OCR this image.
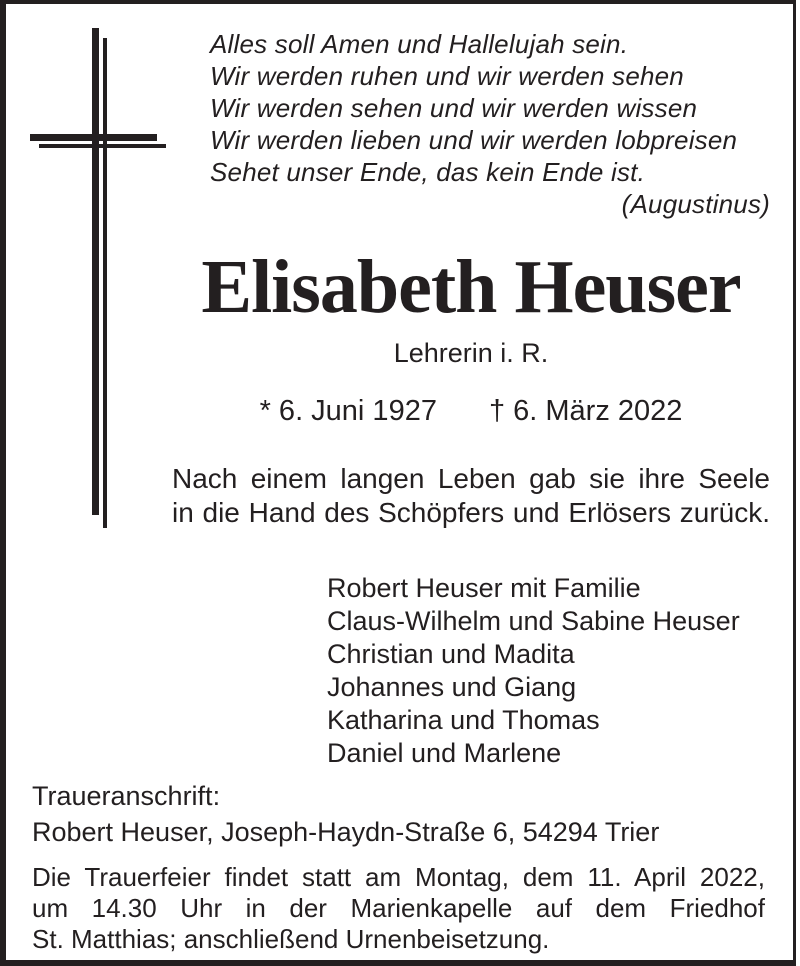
Alles soll Amen und Hallelujah sein.
Wir werden ruhen und wir werden sehen
Wir werden sehen und wir werden wissen
Wir werden lieben und wir werden lobpreisen
Sehet unser Ende, das kein Ende ist.
(Augustinus)
Elisabeth Heuser
Lehrerin i. R.
* 6. Juni 1927 † 6. März 2022
Nach einem langen Leben gab sie ihre Seele
in die Hand des Schöpfers und Erlösers zurück.
Robert Heuser mit Familie
Claus-Wilhelm und Sabine Heuser
Christian und Madita
Johannes und Giang
Katharina und Thomas
Daniel und Marlene
Traueranschrift:
Robert Heuser, Joseph-Haydn-Straße 6, 54294 Trier
Die Trauerfeier findet statt am Montag, dem 11. April 2022,
um 14.30 Uhr in der Marienkapelle auf dem Friedhof
St. Matthias; anschließend Urnenbeisetzung.
